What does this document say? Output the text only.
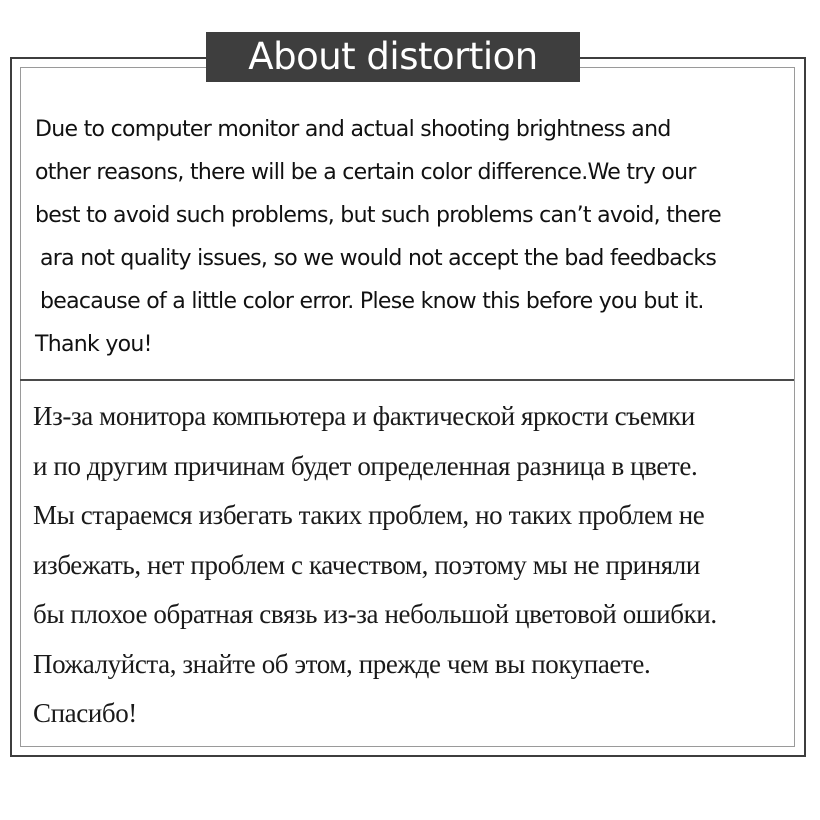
About distortion
Due to computer monitor and actual shooting brightness and
other reasons, there will be a certain color difference.We try our
best to avoid such problems, but such problems can’t avoid, there
ara not quality issues, so we would not accept the bad feedbacks
beacause of a little color error. Plese know this before you but it.
Thank you!
Из-за монитора компьютера и фактической яркости съемки
и по другим причинам будет определенная разница в цвете.
Мы стараемся избегать таких проблем, но таких проблем не
избежать, нет проблем с качеством, поэтому мы не приняли
бы плохое обратная связь из-за небольшой цветовой ошибки.
Пожалуйста, знайте об этом, прежде чем вы покупаете.
Спасибо!
